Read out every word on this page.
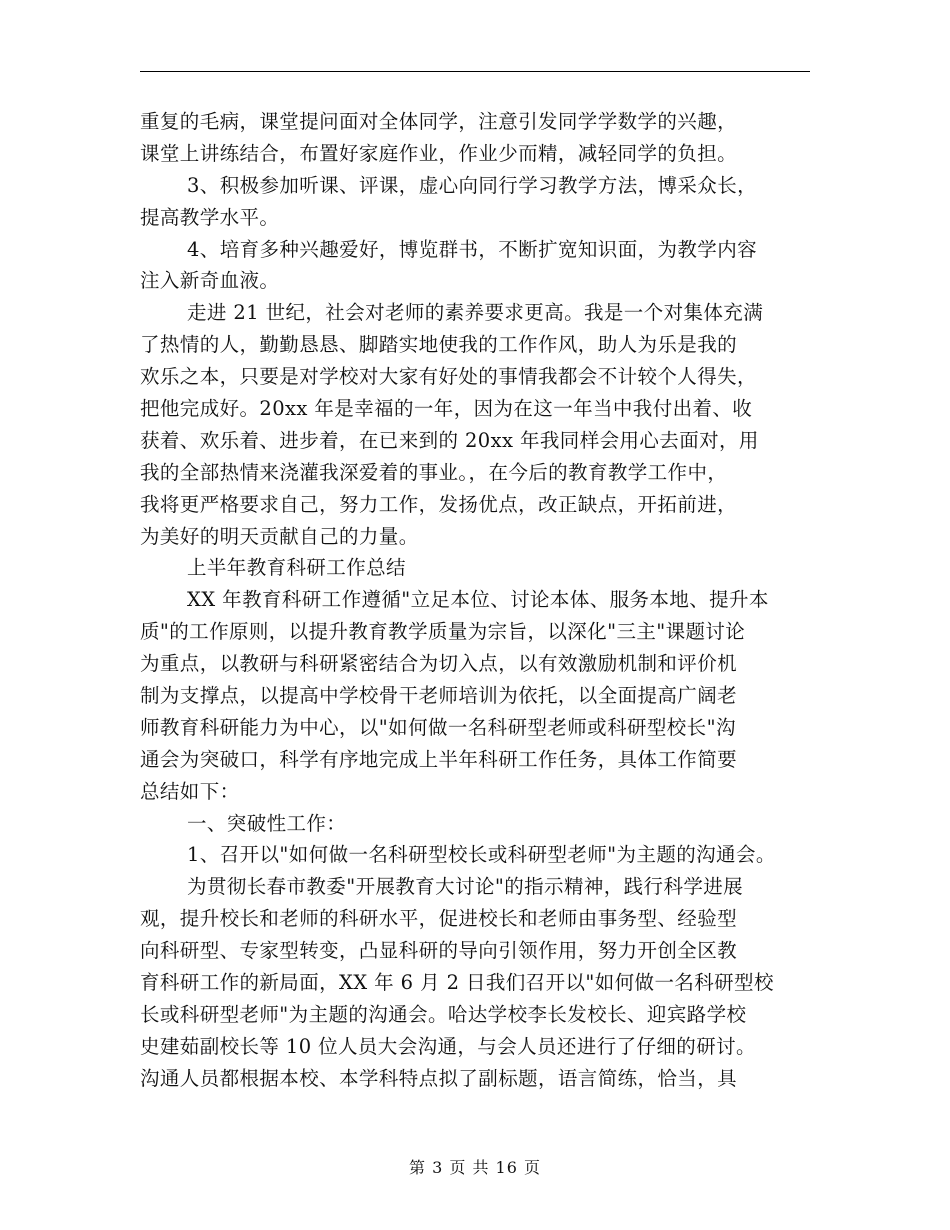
重复的毛病，课堂提问面对全体同学，注意引发同学学数学的兴趣，
课堂上讲练结合，布置好家庭作业，作业少而精，减轻同学的负担。
3、积极参加听课、评课，虚心向同行学习教学方法，博采众长，
提高教学水平。
4、培育多种兴趣爱好，博览群书，不断扩宽知识面，为教学内容
注入新奇血液。
走进 21 世纪，社会对老师的素养要求更高。我是一个对集体充满
了热情的人，勤勤恳恳、脚踏实地使我的工作作风，助人为乐是我的
欢乐之本，只要是对学校对大家有好处的事情我都会不计较个人得失，
把他完成好。20xx 年是幸福的一年，因为在这一年当中我付出着、收
获着、欢乐着、进步着，在已来到的 20xx 年我同样会用心去面对，用
我的全部热情来浇灌我深爱着的事业。，在今后的教育教学工作中，
我将更严格要求自己，努力工作，发扬优点，改正缺点，开拓前进，
为美好的明天贡献自己的力量。
上半年教育科研工作总结
XX 年教育科研工作遵循"立足本位、讨论本体、服务本地、提升本
质"的工作原则，以提升教育教学质量为宗旨，以深化"三主"课题讨论
为重点，以教研与科研紧密结合为切入点，以有效激励机制和评价机
制为支撑点，以提高中学校骨干老师培训为依托，以全面提高广阔老
师教育科研能力为中心，以"如何做一名科研型老师或科研型校长"沟
通会为突破口，科学有序地完成上半年科研工作任务，具体工作简要
总结如下：
一、突破性工作：
1、召开以"如何做一名科研型校长或科研型老师"为主题的沟通会。
为贯彻长春市教委"开展教育大讨论"的指示精神，践行科学进展
观，提升校长和老师的科研水平，促进校长和老师由事务型、经验型
向科研型、专家型转变，凸显科研的导向引领作用，努力开创全区教
育科研工作的新局面，XX 年 6 月 2 日我们召开以"如何做一名科研型校
长或科研型老师"为主题的沟通会。哈达学校李长发校长、迎宾路学校
史建茹副校长等 10 位人员大会沟通，与会人员还进行了仔细的研讨。
沟通人员都根据本校、本学科特点拟了副标题，语言简练，恰当，具
第 3 页 共 16 页
